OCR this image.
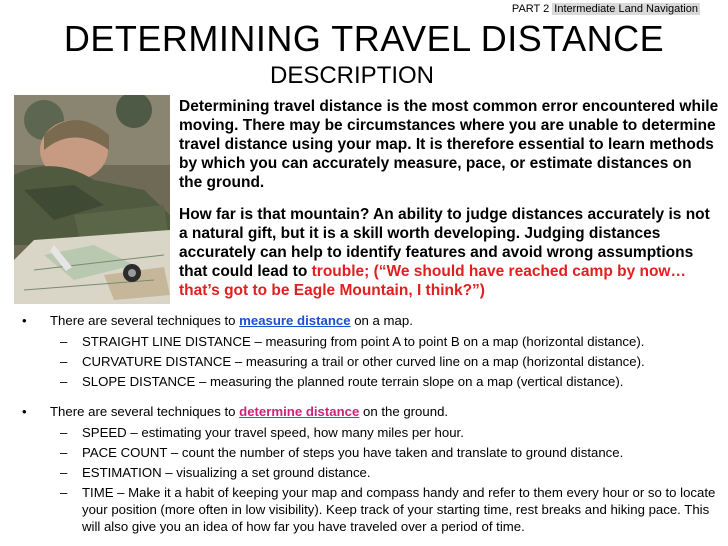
PART 2 Intermediate Land Navigation
DETERMINING TRAVEL DISTANCE
DESCRIPTION

Determining travel distance is the most common error encountered while moving. There may be circumstances where you are unable to determine travel distance using your map. It is therefore essential to learn methods by which you can accurately measure, pace, or estimate distances on the ground.

How far is that mountain? An ability to judge distances accurately is not a natural gift, but it is a skill worth developing. Judging distances accurately can help to identify features and avoid wrong assumptions that could lead to trouble; (“We should have reached camp by now… that’s got to be Eagle Mountain, I think?”)

• There are several techniques to measure distance on a map.
– STRAIGHT LINE DISTANCE – measuring from point A to point B on a map (horizontal distance).
– CURVATURE DISTANCE – measuring a trail or other curved line on a map (horizontal distance).
– SLOPE DISTANCE – measuring the planned route terrain slope on a map (vertical distance).
• There are several techniques to determine distance on the ground.
– SPEED – estimating your travel speed, how many miles per hour.
– PACE COUNT – count the number of steps you have taken and translate to ground distance.
– ESTIMATION – visualizing a set ground distance.
– TIME – Make it a habit of keeping your map and compass handy and refer to them every hour or so to locate your position (more often in low visibility). Keep track of your starting time, rest breaks and hiking pace. This will also give you an idea of how far you have traveled over a period of time.
